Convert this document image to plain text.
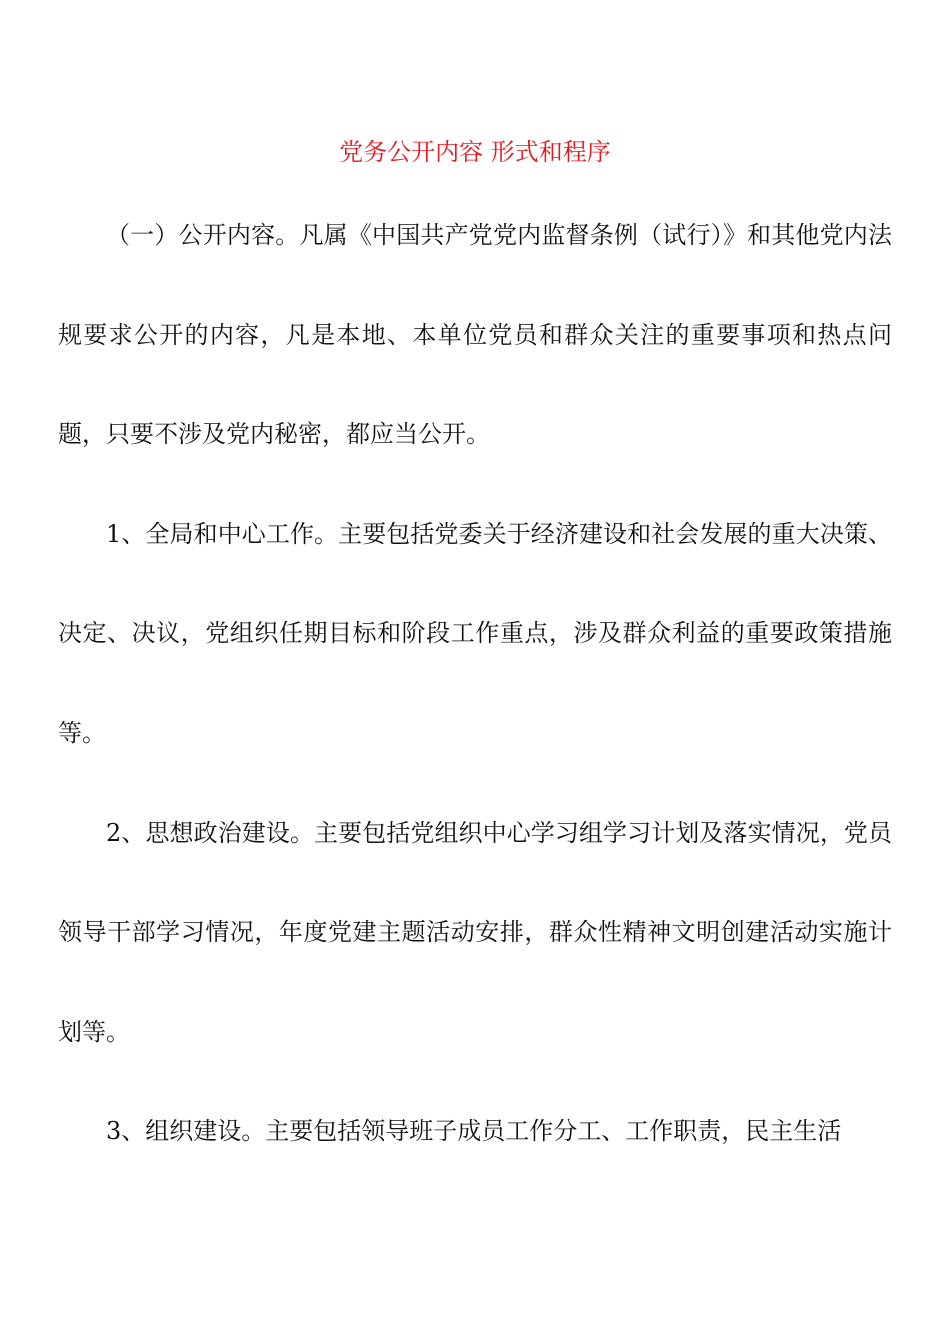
党务公开内容 形式和程序

（一）公开内容。凡属《中国共产党党内监督条例（试行）》和其他党内法规要求公开的内容，凡是本地、本单位党员和群众关注的重要事项和热点问题，只要不涉及党内秘密，都应当公开。

1、全局和中心工作。主要包括党委关于经济建设和社会发展的重大决策、决定、决议，党组织任期目标和阶段工作重点，涉及群众利益的重要政策措施等。

2、思想政治建设。主要包括党组织中心学习组学习计划及落实情况，党员领导干部学习情况，年度党建主题活动安排，群众性精神文明创建活动实施计划等。

3、组织建设。主要包括领导班子成员工作分工、工作职责，民主生活
